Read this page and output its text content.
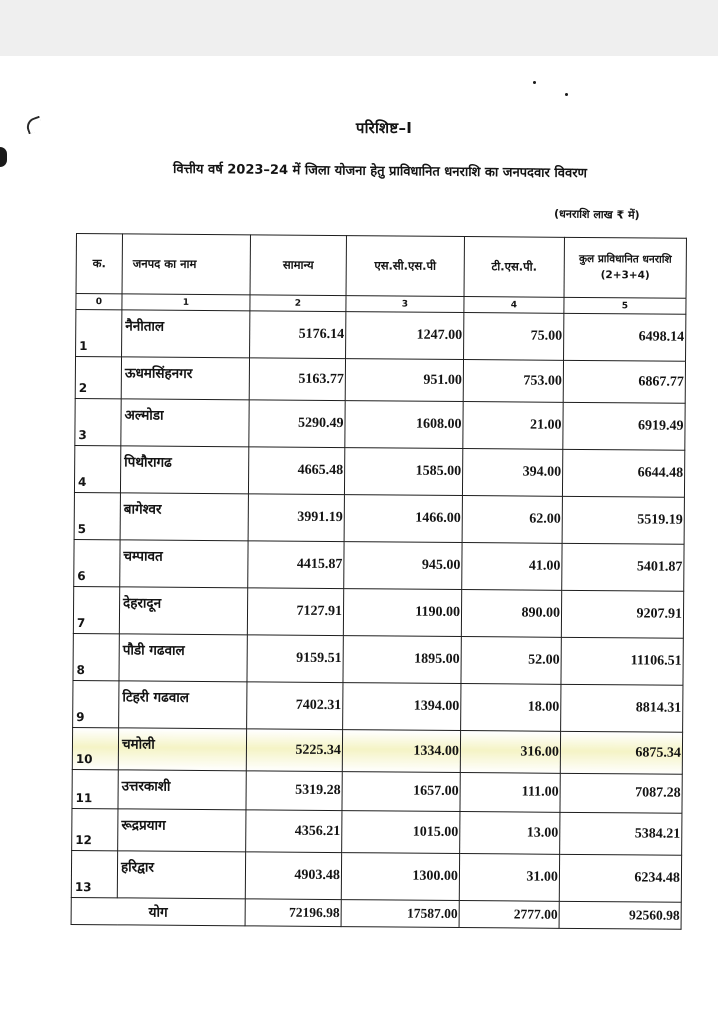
परिशिष्ट–I
वित्तीय वर्ष 2023–24 में जिला योजना हेतु प्राविधानित धनराशि का जनपदवार विवरण
(धनराशि लाख ₹ में)
क.	जनपद का नाम	सामान्य	एस.सी.एस.पी	टी.एस.पी.	कुल प्राविधानित धनराशि (2+3+4)
0	1	2	3	4	5
1	नैनीताल	5176.14	1247.00	75.00	6498.14
2	ऊधमसिंहनगर	5163.77	951.00	753.00	6867.77
3	अल्मोडा	5290.49	1608.00	21.00	6919.49
4	पिथौरागढ	4665.48	1585.00	394.00	6644.48
5	बागेश्वर	3991.19	1466.00	62.00	5519.19
6	चम्पावत	4415.87	945.00	41.00	5401.87
7	देहरादून	7127.91	1190.00	890.00	9207.91
8	पौडी गढवाल	9159.51	1895.00	52.00	11106.51
9	टिहरी गढवाल	7402.31	1394.00	18.00	8814.31
10	चमोली	5225.34	1334.00	316.00	6875.34
11	उत्तरकाशी	5319.28	1657.00	111.00	7087.28
12	रूद्रप्रयाग	4356.21	1015.00	13.00	5384.21
13	हरिद्वार	4903.48	1300.00	31.00	6234.48
योग		72196.98	17587.00	2777.00	92560.98
